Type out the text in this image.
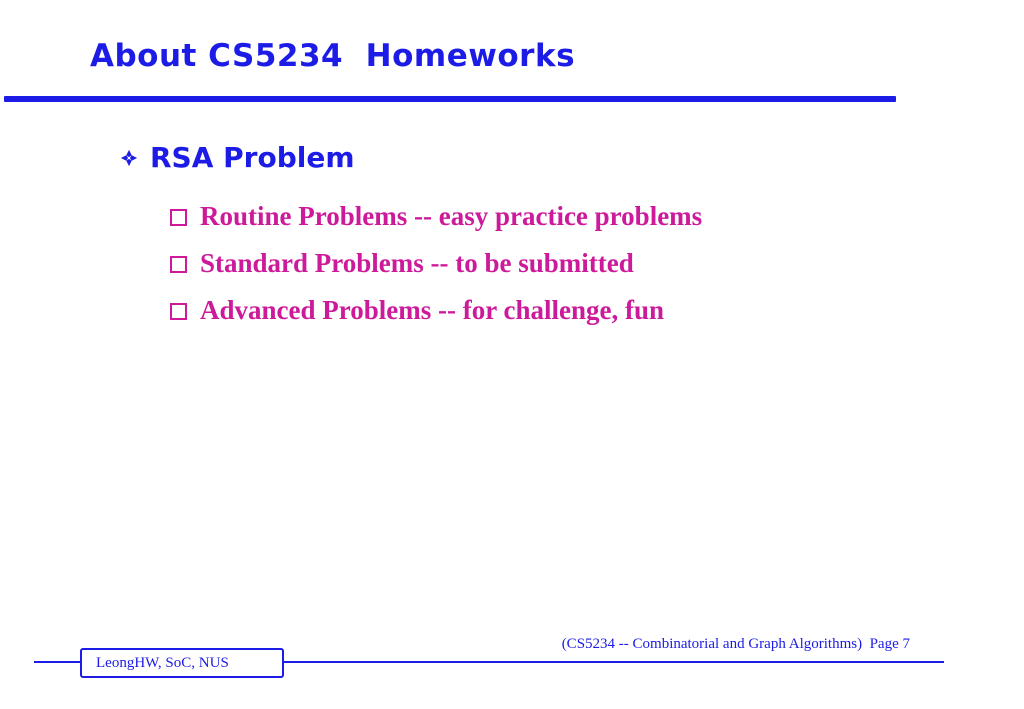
About CS5234  Homeworks
RSA Problem
Routine Problems -- easy practice problems
Standard Problems -- to be submitted
Advanced Problems -- for challenge, fun
(CS5234 -- Combinatorial and Graph Algorithms) Page 7
LeongHW, SoC, NUS
